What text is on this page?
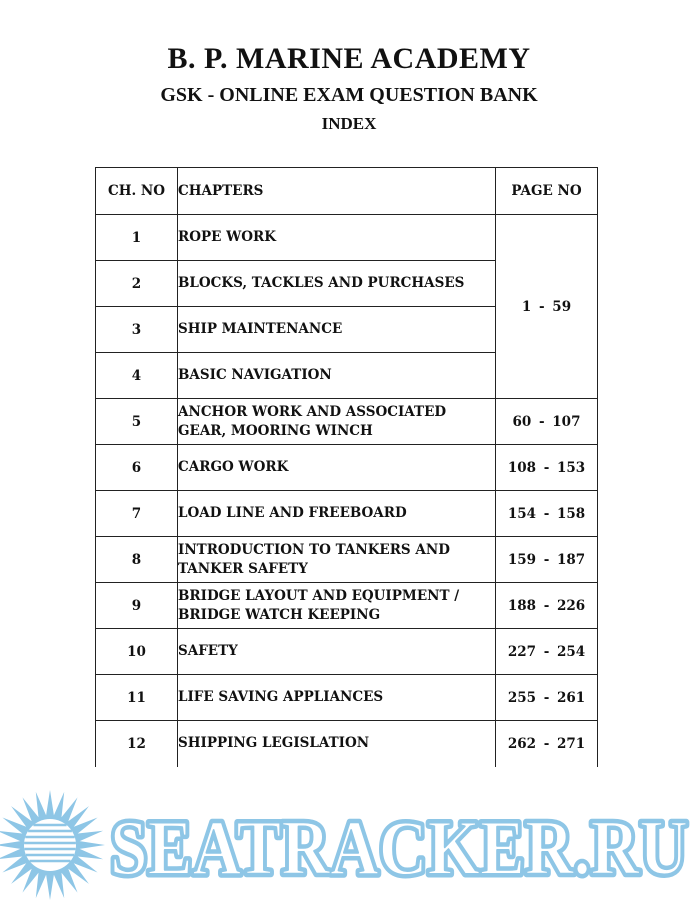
B. P. MARINE ACADEMY
GSK - ONLINE EXAM QUESTION BANK
INDEX
CH. NO	CHAPTERS	PAGE NO
1	ROPE WORK	1 - 59
2	BLOCKS, TACKLES AND PURCHASES	
3	SHIP MAINTENANCE	
4	BASIC NAVIGATION	
5	ANCHOR WORK AND ASSOCIATED GEAR, MOORING WINCH	60 - 107
6	CARGO WORK	108 - 153
7	LOAD LINE AND FREEBOARD	154 - 158
8	INTRODUCTION TO TANKERS AND TANKER SAFETY	159 - 187
9	BRIDGE LAYOUT AND EQUIPMENT / BRIDGE WATCH KEEPING	188 - 226
10	SAFETY	227 - 254
11	LIFE SAVING APPLIANCES	255 - 261
12	SHIPPING LEGISLATION	262 - 271
SEATRACKER.RU
SEATRACKER.RU
